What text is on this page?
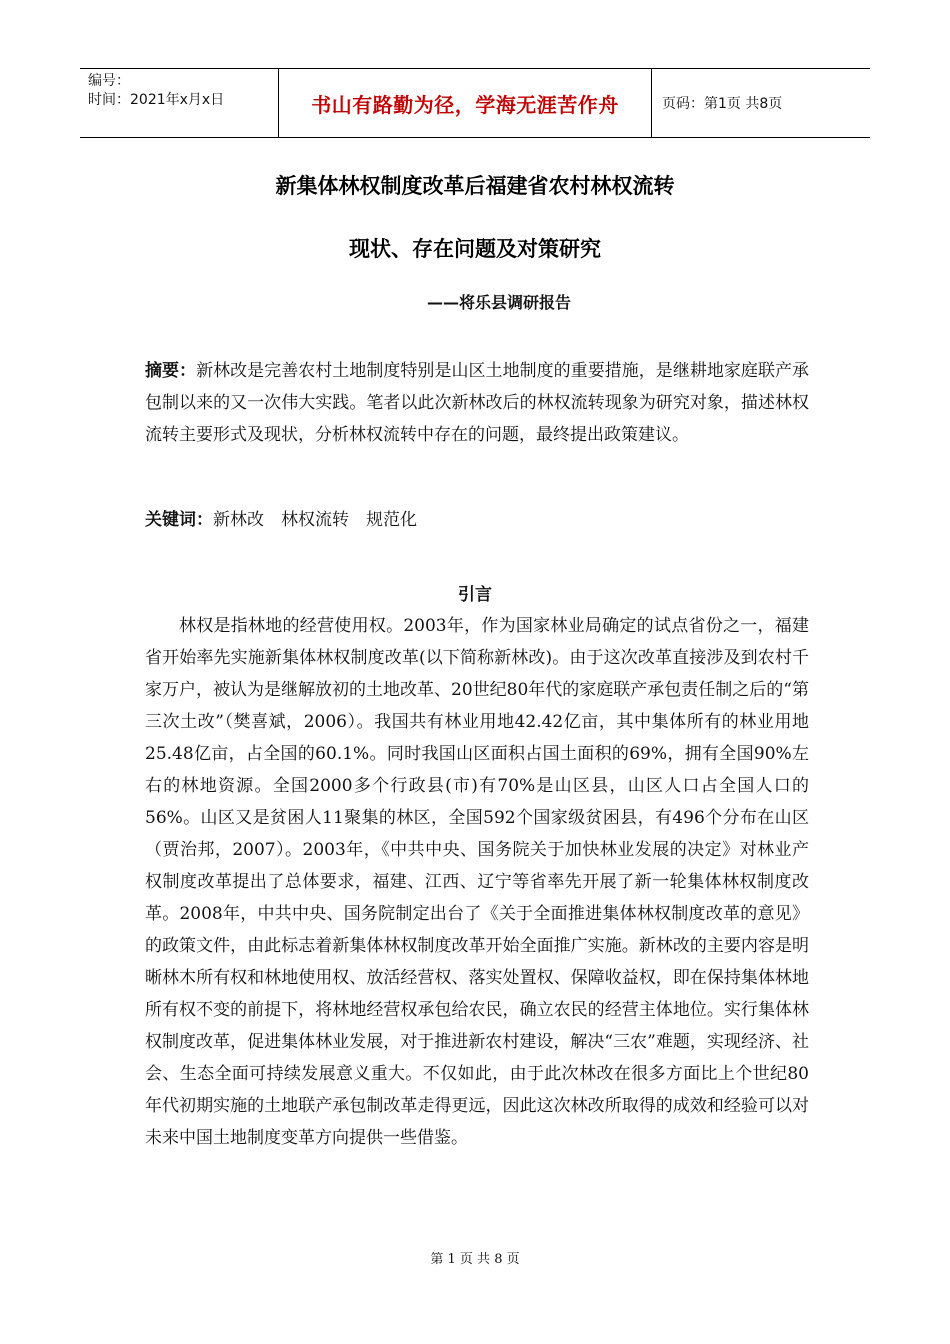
编号：
时间：2021年x月x日	书山有路勤为径，学海无涯苦作舟	页码：第1页 共8页
新集体林权制度改革后福建省农村林权流转
现状、存在问题及对策研究
——将乐县调研报告

摘要：新林改是完善农村土地制度特别是山区土地制度的重要措施，是继耕地家庭联产承包制以来的又一次伟大实践。笔者以此次新林改后的林权流转现象为研究对象，描述林权流转主要形式及现状，分析林权流转中存在的问题，最终提出政策建议。

关键词：新林改　林权流转　规范化

引言

林权是指林地的经营使用权。2003年，作为国家林业局确定的试点省份之一，福建省开始率先实施新集体林权制度改革(以下简称新林改)。由于这次改革直接涉及到农村千家万户，被认为是继解放初的土地改革、20世纪80年代的家庭联产承包责任制之后的“第三次土改”（樊喜斌，2006）。我国共有林业用地42.42亿亩，其中集体所有的林业用地25.48亿亩，占全国的60.1%。同时我国山区面积占国土面积的69%，拥有全国90%左右的林地资源。全国2000多个行政县(市)有70%是山区县，山区人口占全国人口的56%。山区又是贫困人11聚集的林区，全国592个国家级贫困县，有496个分布在山区（贾治邦，2007）。2003年，《中共中央、国务院关于加快林业发展的决定》对林业产权制度改革提出了总体要求，福建、江西、辽宁等省率先开展了新一轮集体林权制度改革。2008年，中共中央、国务院制定出台了《关于全面推进集体林权制度改革的意见》的政策文件，由此标志着新集体林权制度改革开始全面推广实施。新林改的主要内容是明晰林木所有权和林地使用权、放活经营权、落实处置权、保障收益权，即在保持集体林地所有权不变的前提下，将林地经营权承包给农民，确立农民的经营主体地位。实行集体林权制度改革，促进集体林业发展，对于推进新农村建设，解决“三农”难题，实现经济、社会、生态全面可持续发展意义重大。不仅如此，由于此次林改在很多方面比上个世纪80年代初期实施的土地联产承包制改革走得更远，因此这次林改所取得的成效和经验可以对未来中国土地制度变革方向提供一些借鉴。

第 1 页 共 8 页
